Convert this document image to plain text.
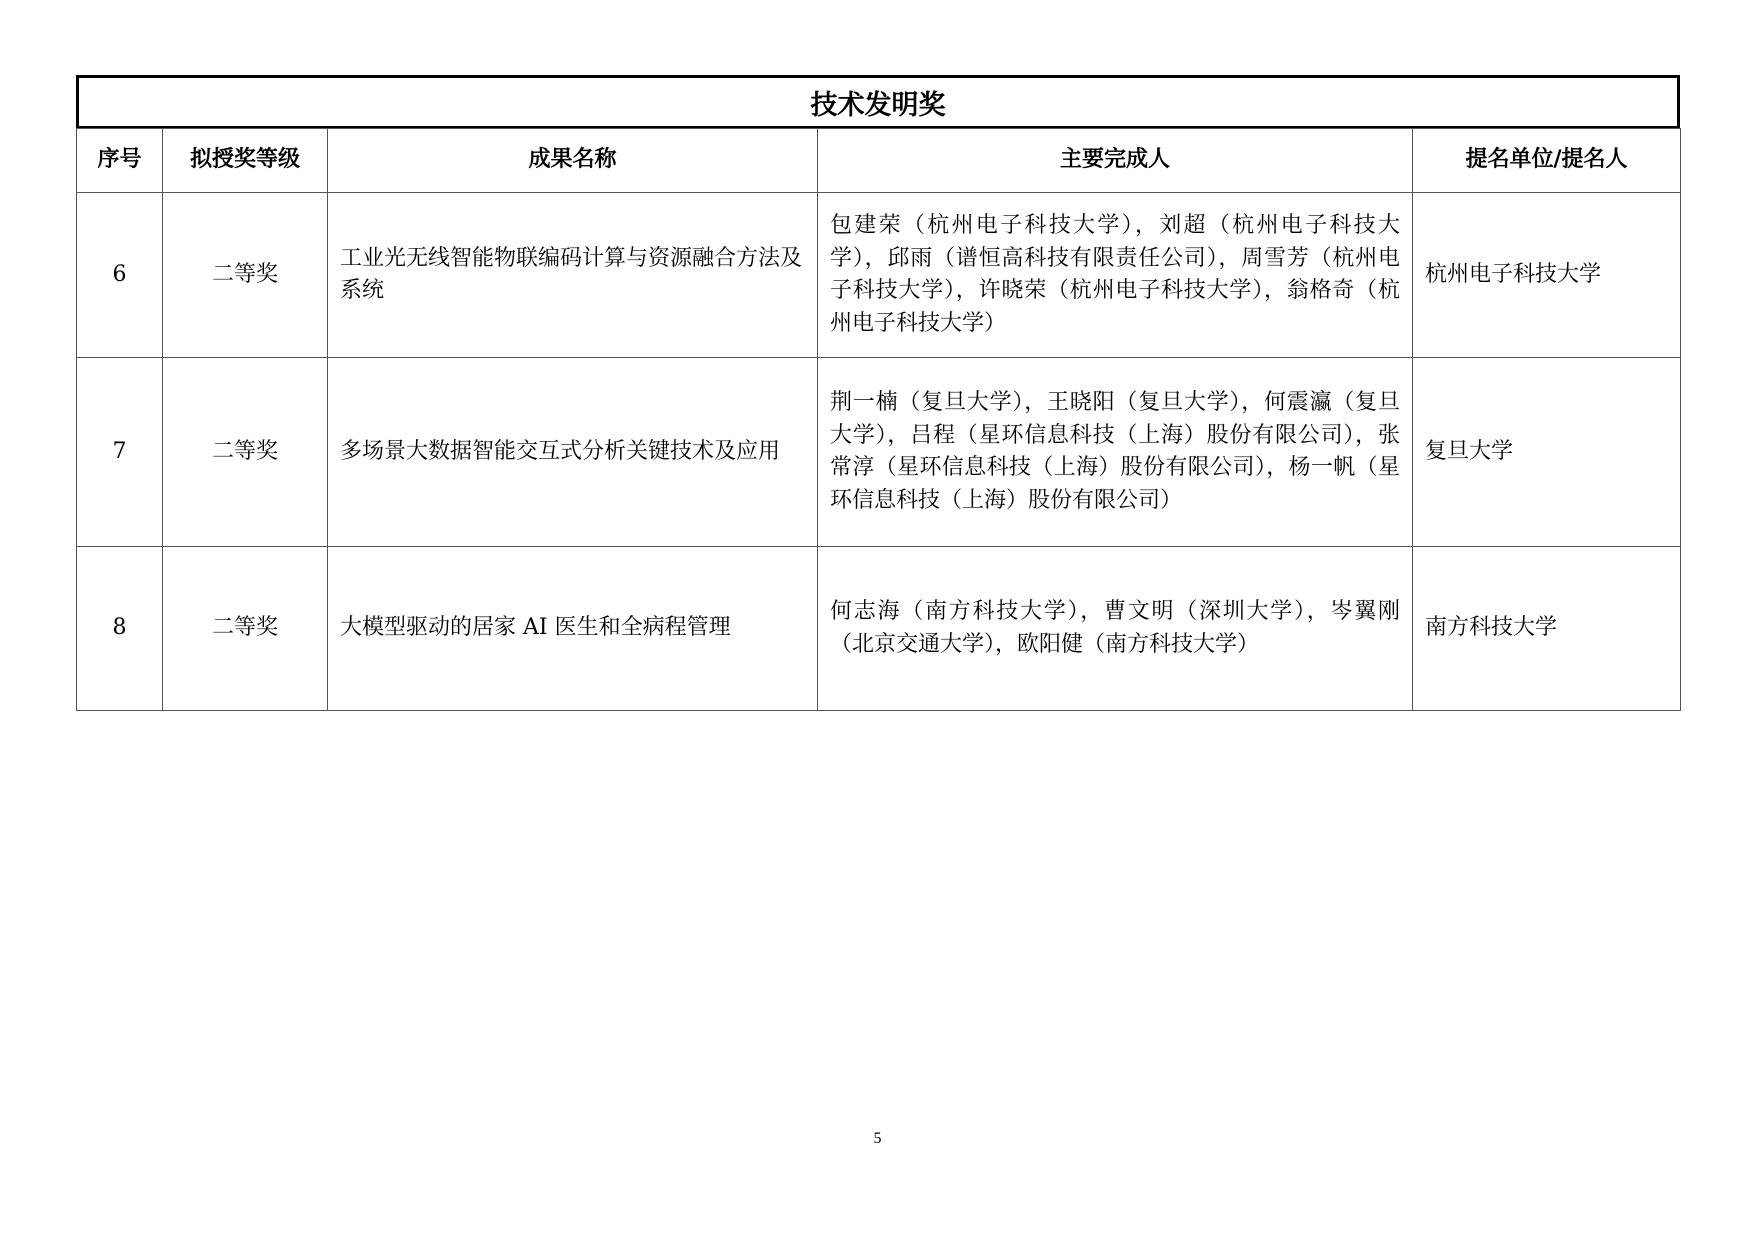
技术发明奖
序号	拟授奖等级	成果名称	主要完成人	提名单位/提名人
6	二等奖	工业光无线智能物联编码计算与资源融合方法及系统	包建荣（杭州电子科技大学），刘超（杭州电子科技大学），邱雨（谱恒高科技有限责任公司），周雪芳（杭州电子科技大学），许晓荣（杭州电子科技大学），翁格奇（杭州电子科技大学）	杭州电子科技大学
7	二等奖	多场景大数据智能交互式分析关键技术及应用	荆一楠（复旦大学），王晓阳（复旦大学），何震瀛（复旦大学），吕程（星环信息科技（上海）股份有限公司），张常淳（星环信息科技（上海）股份有限公司），杨一帆（星环信息科技（上海）股份有限公司）	复旦大学
8	二等奖	大模型驱动的居家 AI 医生和全病程管理	何志海（南方科技大学），曹文明（深圳大学），岑翼刚（北京交通大学），欧阳健（南方科技大学）	南方科技大学
5
